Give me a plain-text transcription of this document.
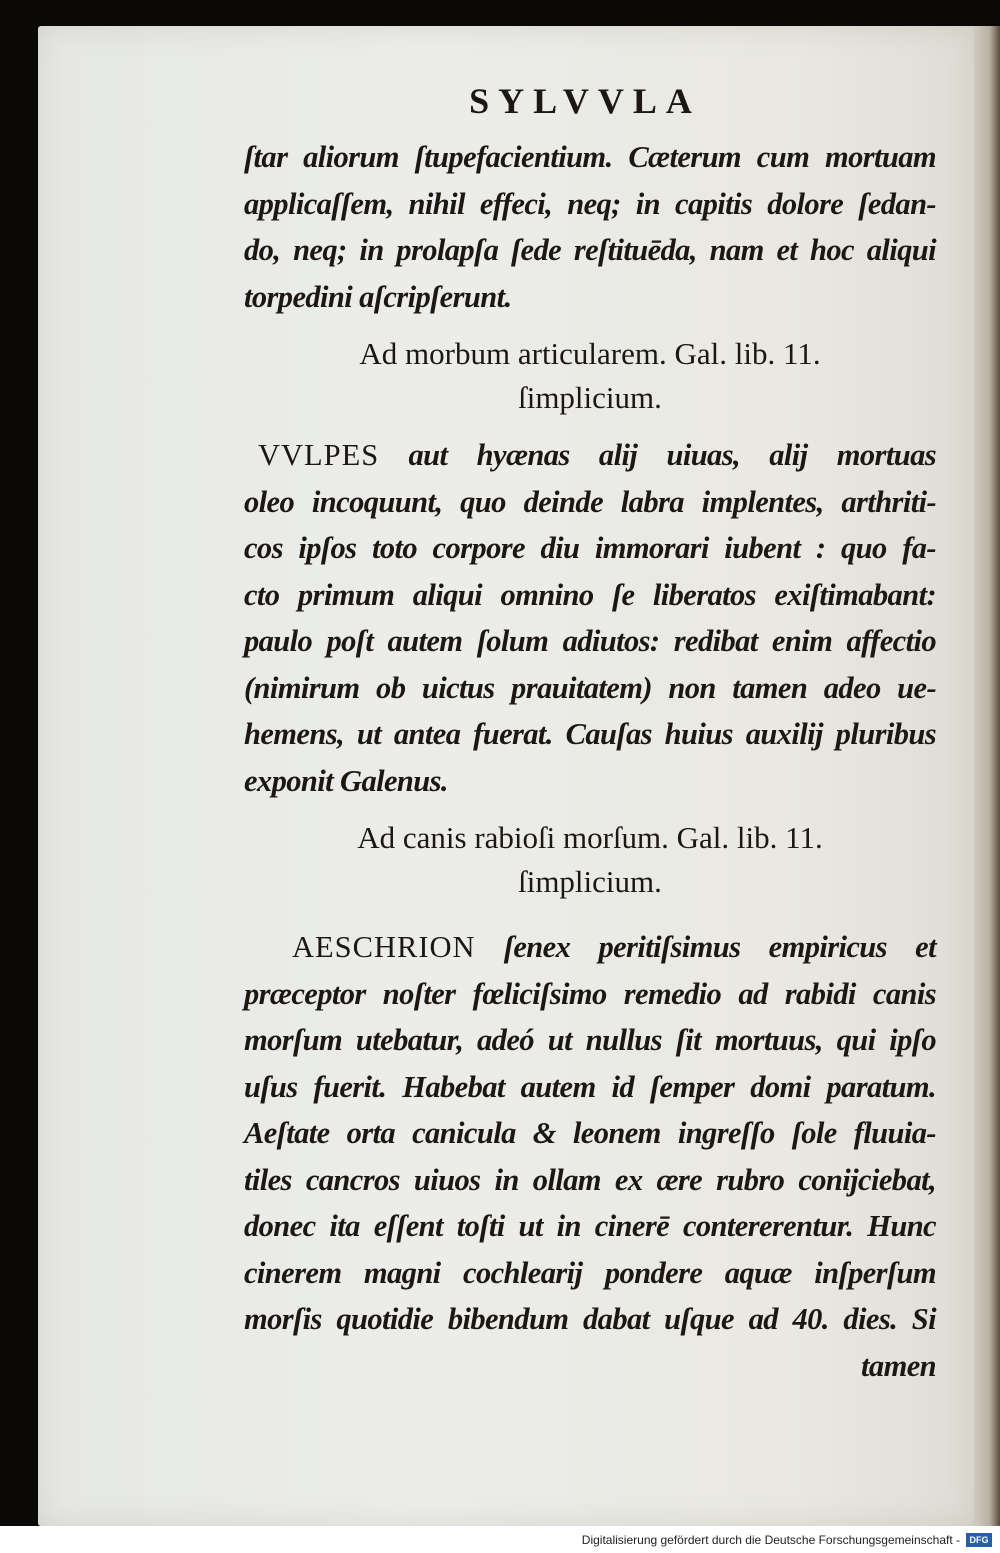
SYLVVLA
ſtar aliorum ſtupefacientium. Cæterum cum mortuam
applicaſſem, nihil effeci, neq; in capitis dolore ſedan-
do, neq; in prolapſa ſede reſtituēda, nam et hoc aliqui
torpedini aſcripſerunt.
Ad morbum articularem. Gal. lib. 11.
ſimplicium.
VVLPES aut hyænas alij uiuas, alij mortuas
oleo incoquunt, quo deinde labra implentes, arthriti-
cos ipſos toto corpore diu immorari iubent : quo fa-
cto primum aliqui omnino ſe liberatos exiſtimabant:
paulo poſt autem ſolum adiutos: redibat enim affectio
(nimirum ob uictus prauitatem) non tamen adeo ue-
hemens, ut antea fuerat. Cauſas huius auxilij pluribus
exponit Galenus.
Ad canis rabioſi morſum. Gal. lib. 11.
ſimplicium.
AESCHRION ſenex peritiſsimus empiricus et
præceptor noſter fœliciſsimo remedio ad rabidi canis
morſum utebatur, adeó ut nullus ſit mortuus, qui ipſo
uſus fuerit. Habebat autem id ſemper domi paratum.
Aeſtate orta canicula & leonem ingreſſo ſole fluuia-
tiles cancros uiuos in ollam ex ære rubro conijciebat,
donec ita eſſent toſti ut in cinerē contererentur. Hunc
cinerem magni cochlearij pondere aquæ inſperſum
morſis quotidie bibendum dabat uſque ad 40. dies. Si
tamen
Digitalisierung gefördert durch die Deutsche Forschungsgemeinschaft -	DFG
